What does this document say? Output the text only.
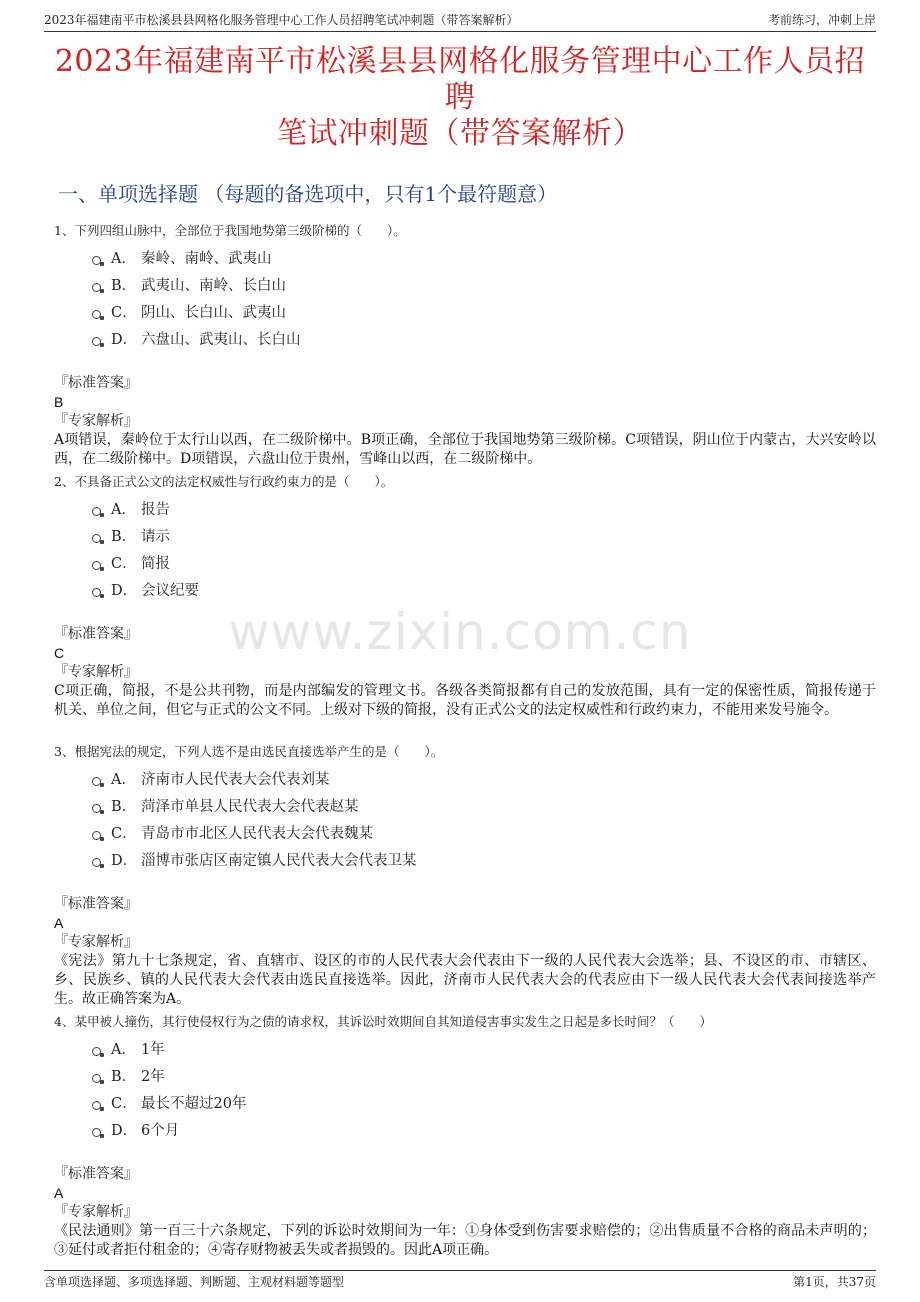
2023年福建南平市松溪县县网格化服务管理中心工作人员招聘笔试冲刺题（带答案解析）	考前练习，冲刺上岸
2023年福建南平市松溪县县网格化服务管理中心工作人员招聘
笔试冲刺题（带答案解析）
一、单项选择题 （每题的备选项中，只有1个最符题意）
www.zixin.com.cn
1、下列四组山脉中，全部位于我国地势第三级阶梯的（　　）。
A． 秦岭、南岭、武夷山
B． 武夷山、南岭、长白山
C． 阴山、长白山、武夷山
D． 六盘山、武夷山、长白山
『标准答案』
B
『专家解析』
A项错误，秦岭位于太行山以西，在二级阶梯中。B项正确，全部位于我国地势第三级阶梯。C项错误，阴山位于内蒙古，大兴安岭以西，在二级阶梯中。D项错误，六盘山位于贵州，雪峰山以西，在二级阶梯中。
2、不具备正式公文的法定权威性与行政约束力的是（　　）。
A． 报告
B． 请示
C． 简报
D． 会议纪要
『标准答案』
C
『专家解析』
C项正确，简报，不是公共刊物，而是内部编发的管理文书。各级各类简报都有自己的发放范围，具有一定的保密性质，简报传递于机关、单位之间，但它与正式的公文不同。上级对下级的简报，没有正式公文的法定权威性和行政约束力，不能用来发号施令。
3、根据宪法的规定，下列人选不是由选民直接选举产生的是（　　）。
A． 济南市人民代表大会代表刘某
B． 菏泽市单县人民代表大会代表赵某
C． 青岛市市北区人民代表大会代表魏某
D． 淄博市张店区南定镇人民代表大会代表卫某
『标准答案』
A
『专家解析』
《宪法》第九十七条规定，省、直辖市、设区的市的人民代表大会代表由下一级的人民代表大会选举；县、不设区的市、市辖区、乡、民族乡、镇的人民代表大会代表由选民直接选举。因此，济南市人民代表大会的代表应由下一级人民代表大会代表间接选举产生。故正确答案为A。
4、某甲被人撞伤，其行使侵权行为之债的请求权，其诉讼时效期间自其知道侵害事实发生之日起是多长时间？（　　）
A． 1年
B． 2年
C． 最长不超过20年
D． 6个月
『标准答案』
A
『专家解析』
《民法通则》第一百三十六条规定，下列的诉讼时效期间为一年：①身体受到伤害要求赔偿的；②出售质量不合格的商品未声明的；③延付或者拒付租金的；④寄存财物被丢失或者损毁的。因此A项正确。
含单项选择题、多项选择题、判断题、主观材料题等题型	第1页，共37页
